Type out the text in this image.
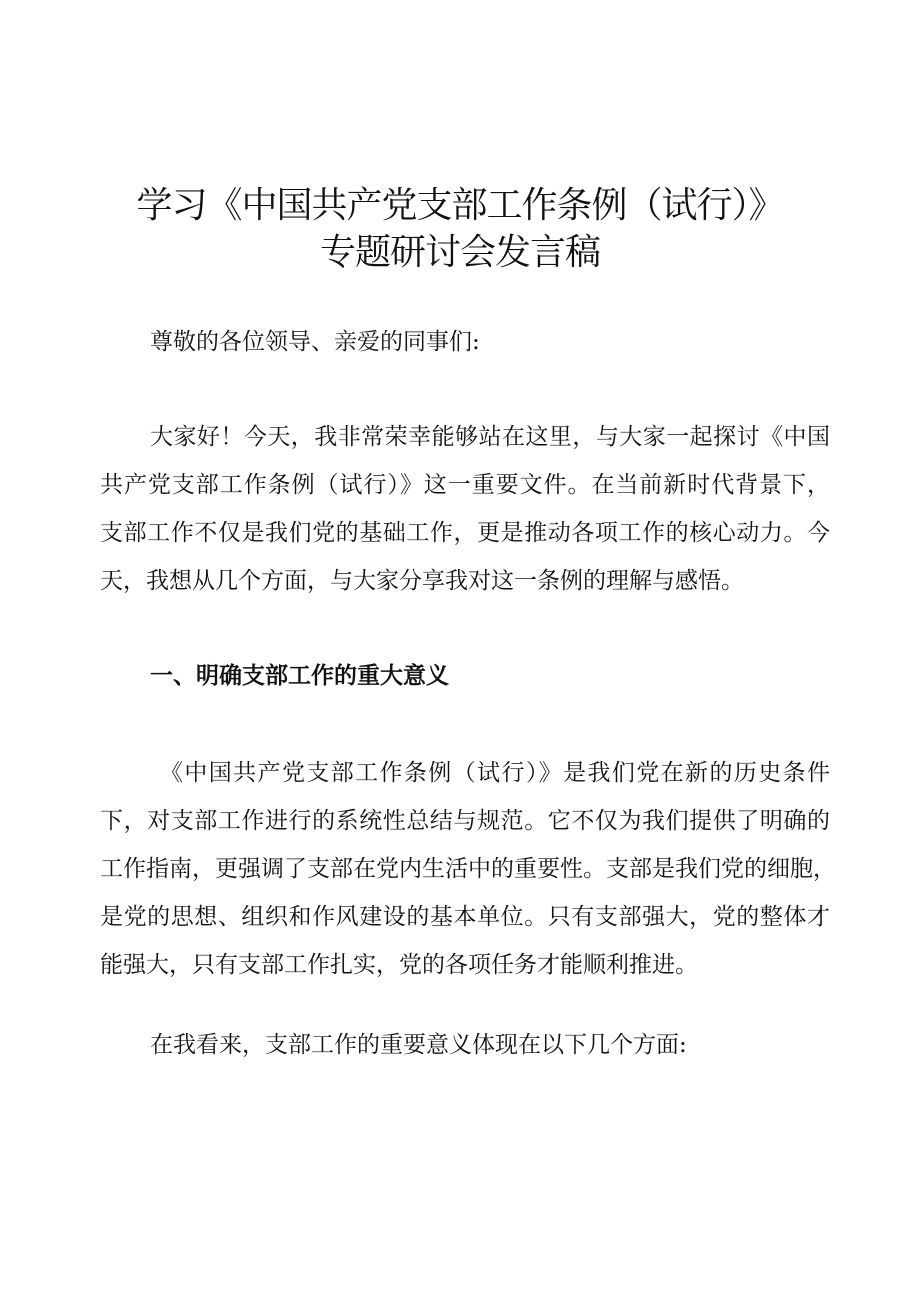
学习《中国共产党支部工作条例（试行）》
专题研讨会发言稿
尊敬的各位领导、亲爱的同事们:
大家好！今天，我非常荣幸能够站在这里，与大家一起探讨《中国
共产党支部工作条例（试行）》这一重要文件。在当前新时代背景下，
支部工作不仅是我们党的基础工作，更是推动各项工作的核心动力。今
天，我想从几个方面，与大家分享我对这一条例的理解与感悟。
一、明确支部工作的重大意义
《中国共产党支部工作条例（试行）》是我们党在新的历史条件
下，对支部工作进行的系统性总结与规范。它不仅为我们提供了明确的
工作指南，更强调了支部在党内生活中的重要性。支部是我们党的细胞，
是党的思想、组织和作风建设的基本单位。只有支部强大，党的整体才
能强大，只有支部工作扎实，党的各项任务才能顺利推进。
在我看来，支部工作的重要意义体现在以下几个方面:
